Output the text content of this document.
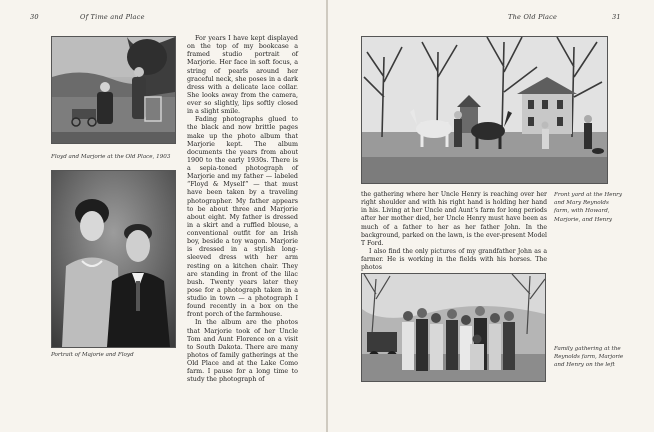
30	Of Time and Place
Floyd and Marjorie at the Old Place, 1903
Portrait of Majorie and Floyd

For years I have kept displayed on the top of my bookcase a framed studio portrait of Marjorie. Her face in soft focus, a string of pearls around her graceful neck, she poses in a dark dress with a delicate lace collar. She looks away from the camera, ever so slightly, lips softly closed in a slight smile.

Fading photographs glued to the black and now brittle pages make up the photo album that Marjorie kept. The album documents the years from about 1900 to the early 1930s. There is a sepia-toned photograph of Marjorie and my father — labeled “Floyd & Myself” — that must have been taken by a traveling photographer. My father appears to be about three and Marjorie about eight. My father is dressed in a skirt and a ruffled blouse, a conventional outfit for an Irish boy, beside a toy wagon. Marjorie is dressed in a stylish long-sleeved dress with her arm resting on a kitchen chair. They are standing in front of the lilac bush. Twenty years later they pose for a photograph taken in a studio in town — a photograph I found recently in a box on the front porch of the farmhouse.

In the album are the photos that Marjorie took of her Uncle Tom and Aunt Florence on a visit to South Dakota. There are many photos of family gatherings at the Old Place and at the Lake Como farm. I pause for a long time to study the photograph of

The Old Place	31
Front yard at the Henry and Mary Reynolds farm, with Howard, Marjorie, and Henry

the gathering where her Uncle Henry is reaching over her right shoulder and with his right hand is holding her hand in his. Living at her Uncle and Aunt’s farm for long periods after her mother died, her Uncle Henry must have been as much of a father to her as her father John. In the background, parked on the lawn, is the ever-present Model T Ford.

I also find the only pictures of my grandfather John as a farmer. He is working in the fields with his horses. The photos

Family gathering at the Reynolds farm, Marjorie and Henry on the left
